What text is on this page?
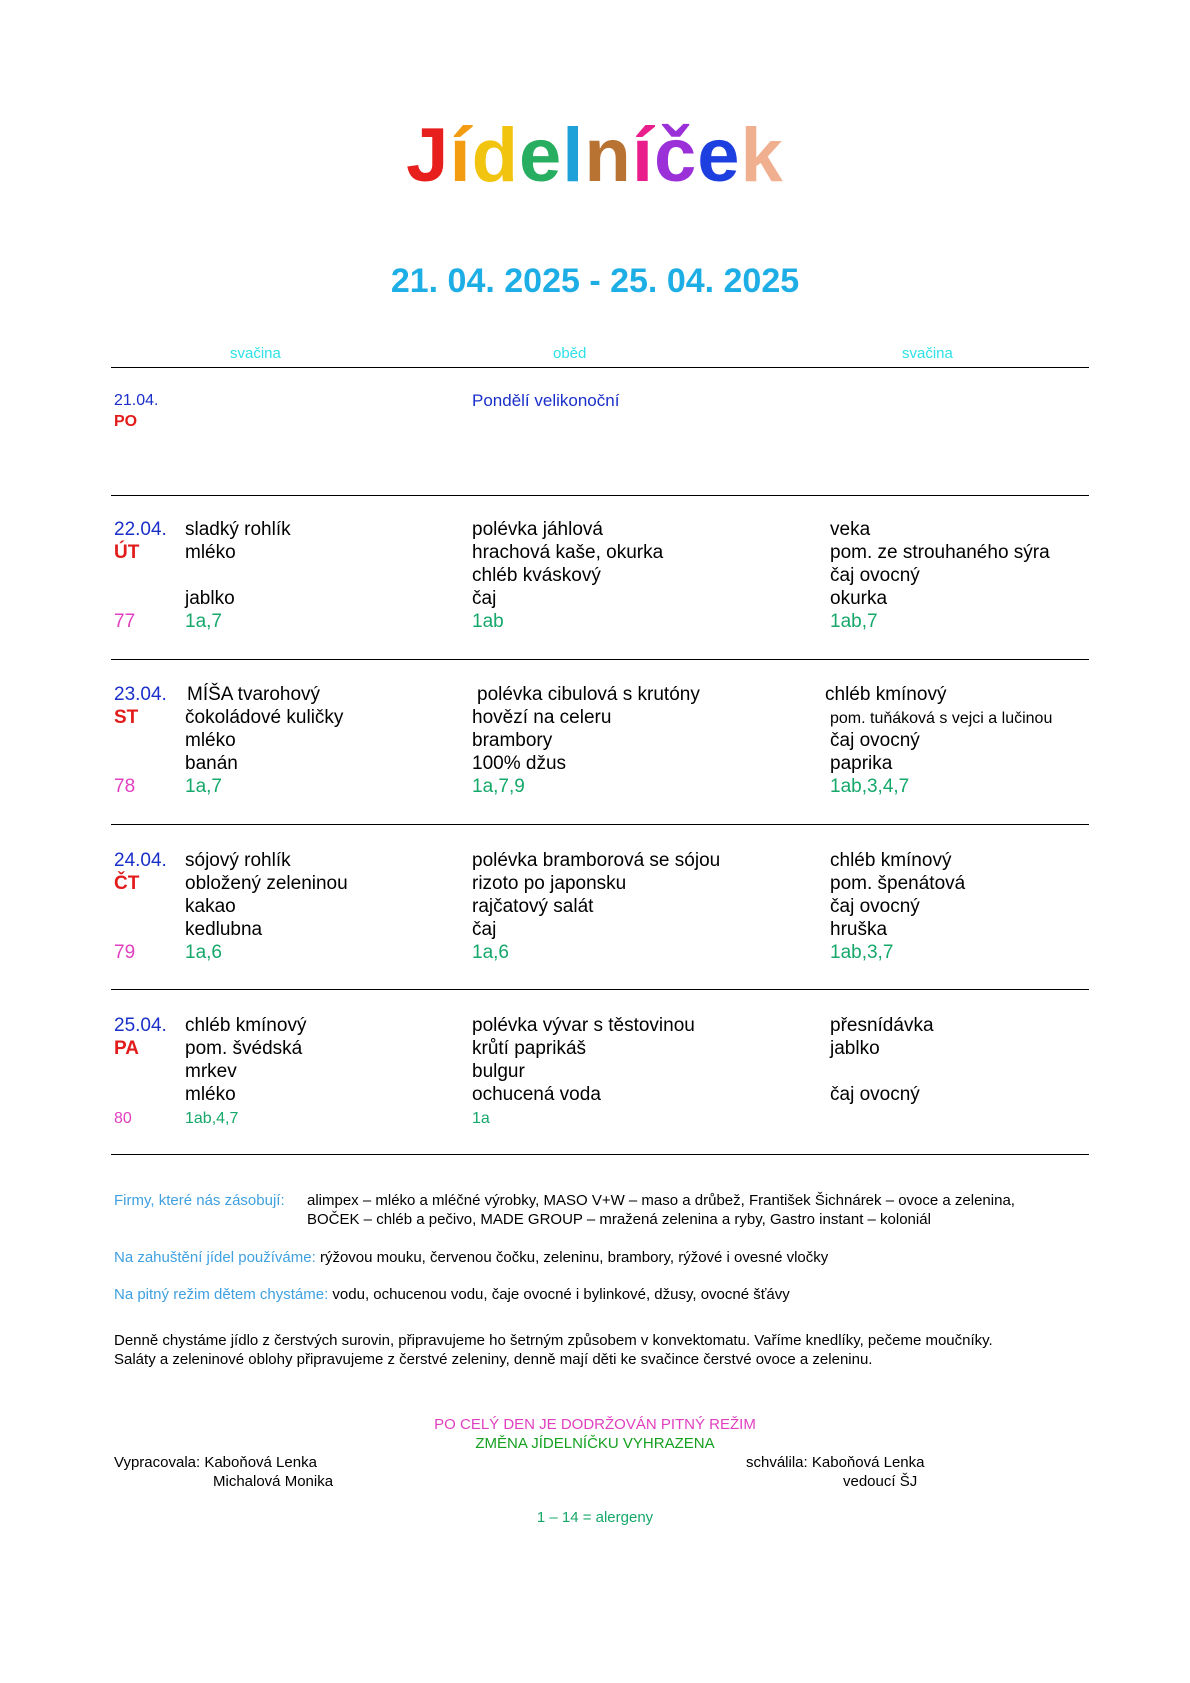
Jídelníček
21. 04. 2025 - 25. 04. 2025
svačina	oběd	svačina
21.04.
PO
Pondělí velikonoční
22.04.
ÚT
77
sladký rohlík
mléko
jablko
1a,7
polévka jáhlová
hrachová kaše, okurka
chléb kváskový
čaj
1ab
veka
pom. ze strouhaného sýra
čaj ovocný
okurka
1ab,7
23.04.
ST
78
MÍŠA tvarohový
čokoládové kuličky
mléko
banán
1a,7
polévka cibulová s krutóny
hovězí na celeru
brambory
100% džus
1a,7,9
chléb kmínový
pom. tuňáková s vejci a lučinou
čaj ovocný
paprika
1ab,3,4,7
24.04.
ČT
79
sójový rohlík
obložený zeleninou
kakao
kedlubna
1a,6
polévka bramborová se sójou
rizoto po japonsku
rajčatový salát
čaj
1a,6
chléb kmínový
pom. špenátová
čaj ovocný
hruška
1ab,3,7
25.04.
PA
80
chléb kmínový
pom. švédská
mrkev
mléko
1ab,4,7
polévka vývar s těstovinou
krůtí paprikáš
bulgur
ochucená voda
1a
přesnídávka
jablko
čaj ovocný
Firmy, které nás zásobují: alimpex – mléko a mléčné výrobky, MASO V+W – maso a drůbež, František Šichnárek – ovoce a zelenina,
BOČEK – chléb a pečivo, MADE GROUP – mražená zelenina a ryby, Gastro instant – koloniál
Na zahuštění jídel používáme: rýžovou mouku, červenou čočku, zeleninu, brambory, rýžové i ovesné vločky
Na pitný režim dětem chystáme: vodu, ochucenou vodu, čaje ovocné i bylinkové, džusy, ovocné šťávy
Denně chystáme jídlo z čerstvých surovin, připravujeme ho šetrným způsobem v konvektomatu. Vaříme knedlíky, pečeme moučníky.
Saláty a zeleninové oblohy připravujeme z čerstvé zeleniny, denně mají děti ke svačince čerstvé ovoce a zeleninu.
PO CELÝ DEN JE DODRŽOVÁN PITNÝ REŽIM
ZMĚNA JÍDELNÍČKU VYHRAZENA
Vypracovala: Kaboňová Lenka
Michalová Monika
schválila: Kaboňová Lenka
vedoucí ŠJ
1 – 14 = alergeny
